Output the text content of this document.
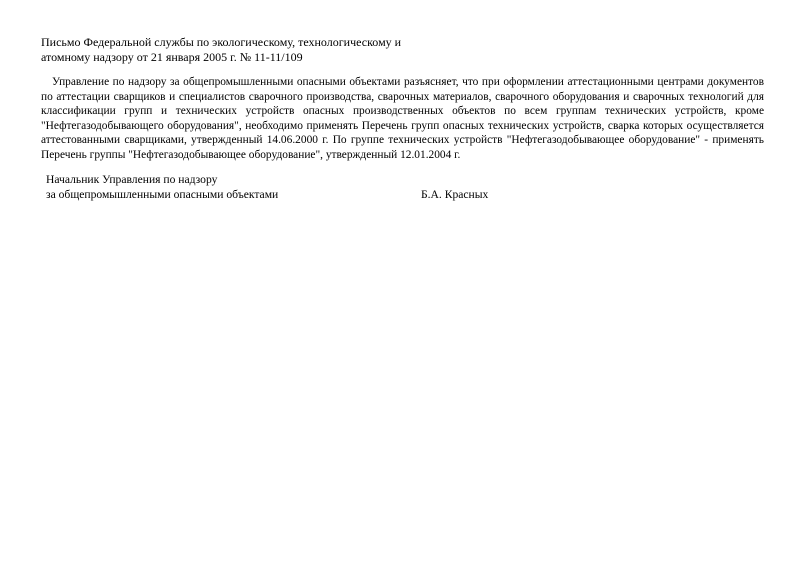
Письмо Федеральной службы по экологическому, технологическому и
атомному надзору от 21 января 2005 г. № 11-11/109

Управление по надзору за общепромышленными опасными объектами разъясняет, что при оформлении аттестационными центрами документов по аттестации сварщиков и специалистов сварочного производства, сварочных материалов, сварочного оборудования и сварочных технологий для классификации групп и технических устройств опасных производственных объектов по всем группам технических устройств, кроме "Нефтегазодобывающего оборудования", необходимо применять Перечень групп опасных технических устройств, сварка которых осуществляется аттестованными сварщиками, утвержденный 14.06.2000 г. По группе технических устройств "Нефтегазодобывающее оборудование" - применять Перечень группы "Нефтегазодобывающее оборудование", утвержденный 12.01.2004 г.

Начальник Управления по надзору
за общепромышленными опасными объектами	Б.А. Красных
